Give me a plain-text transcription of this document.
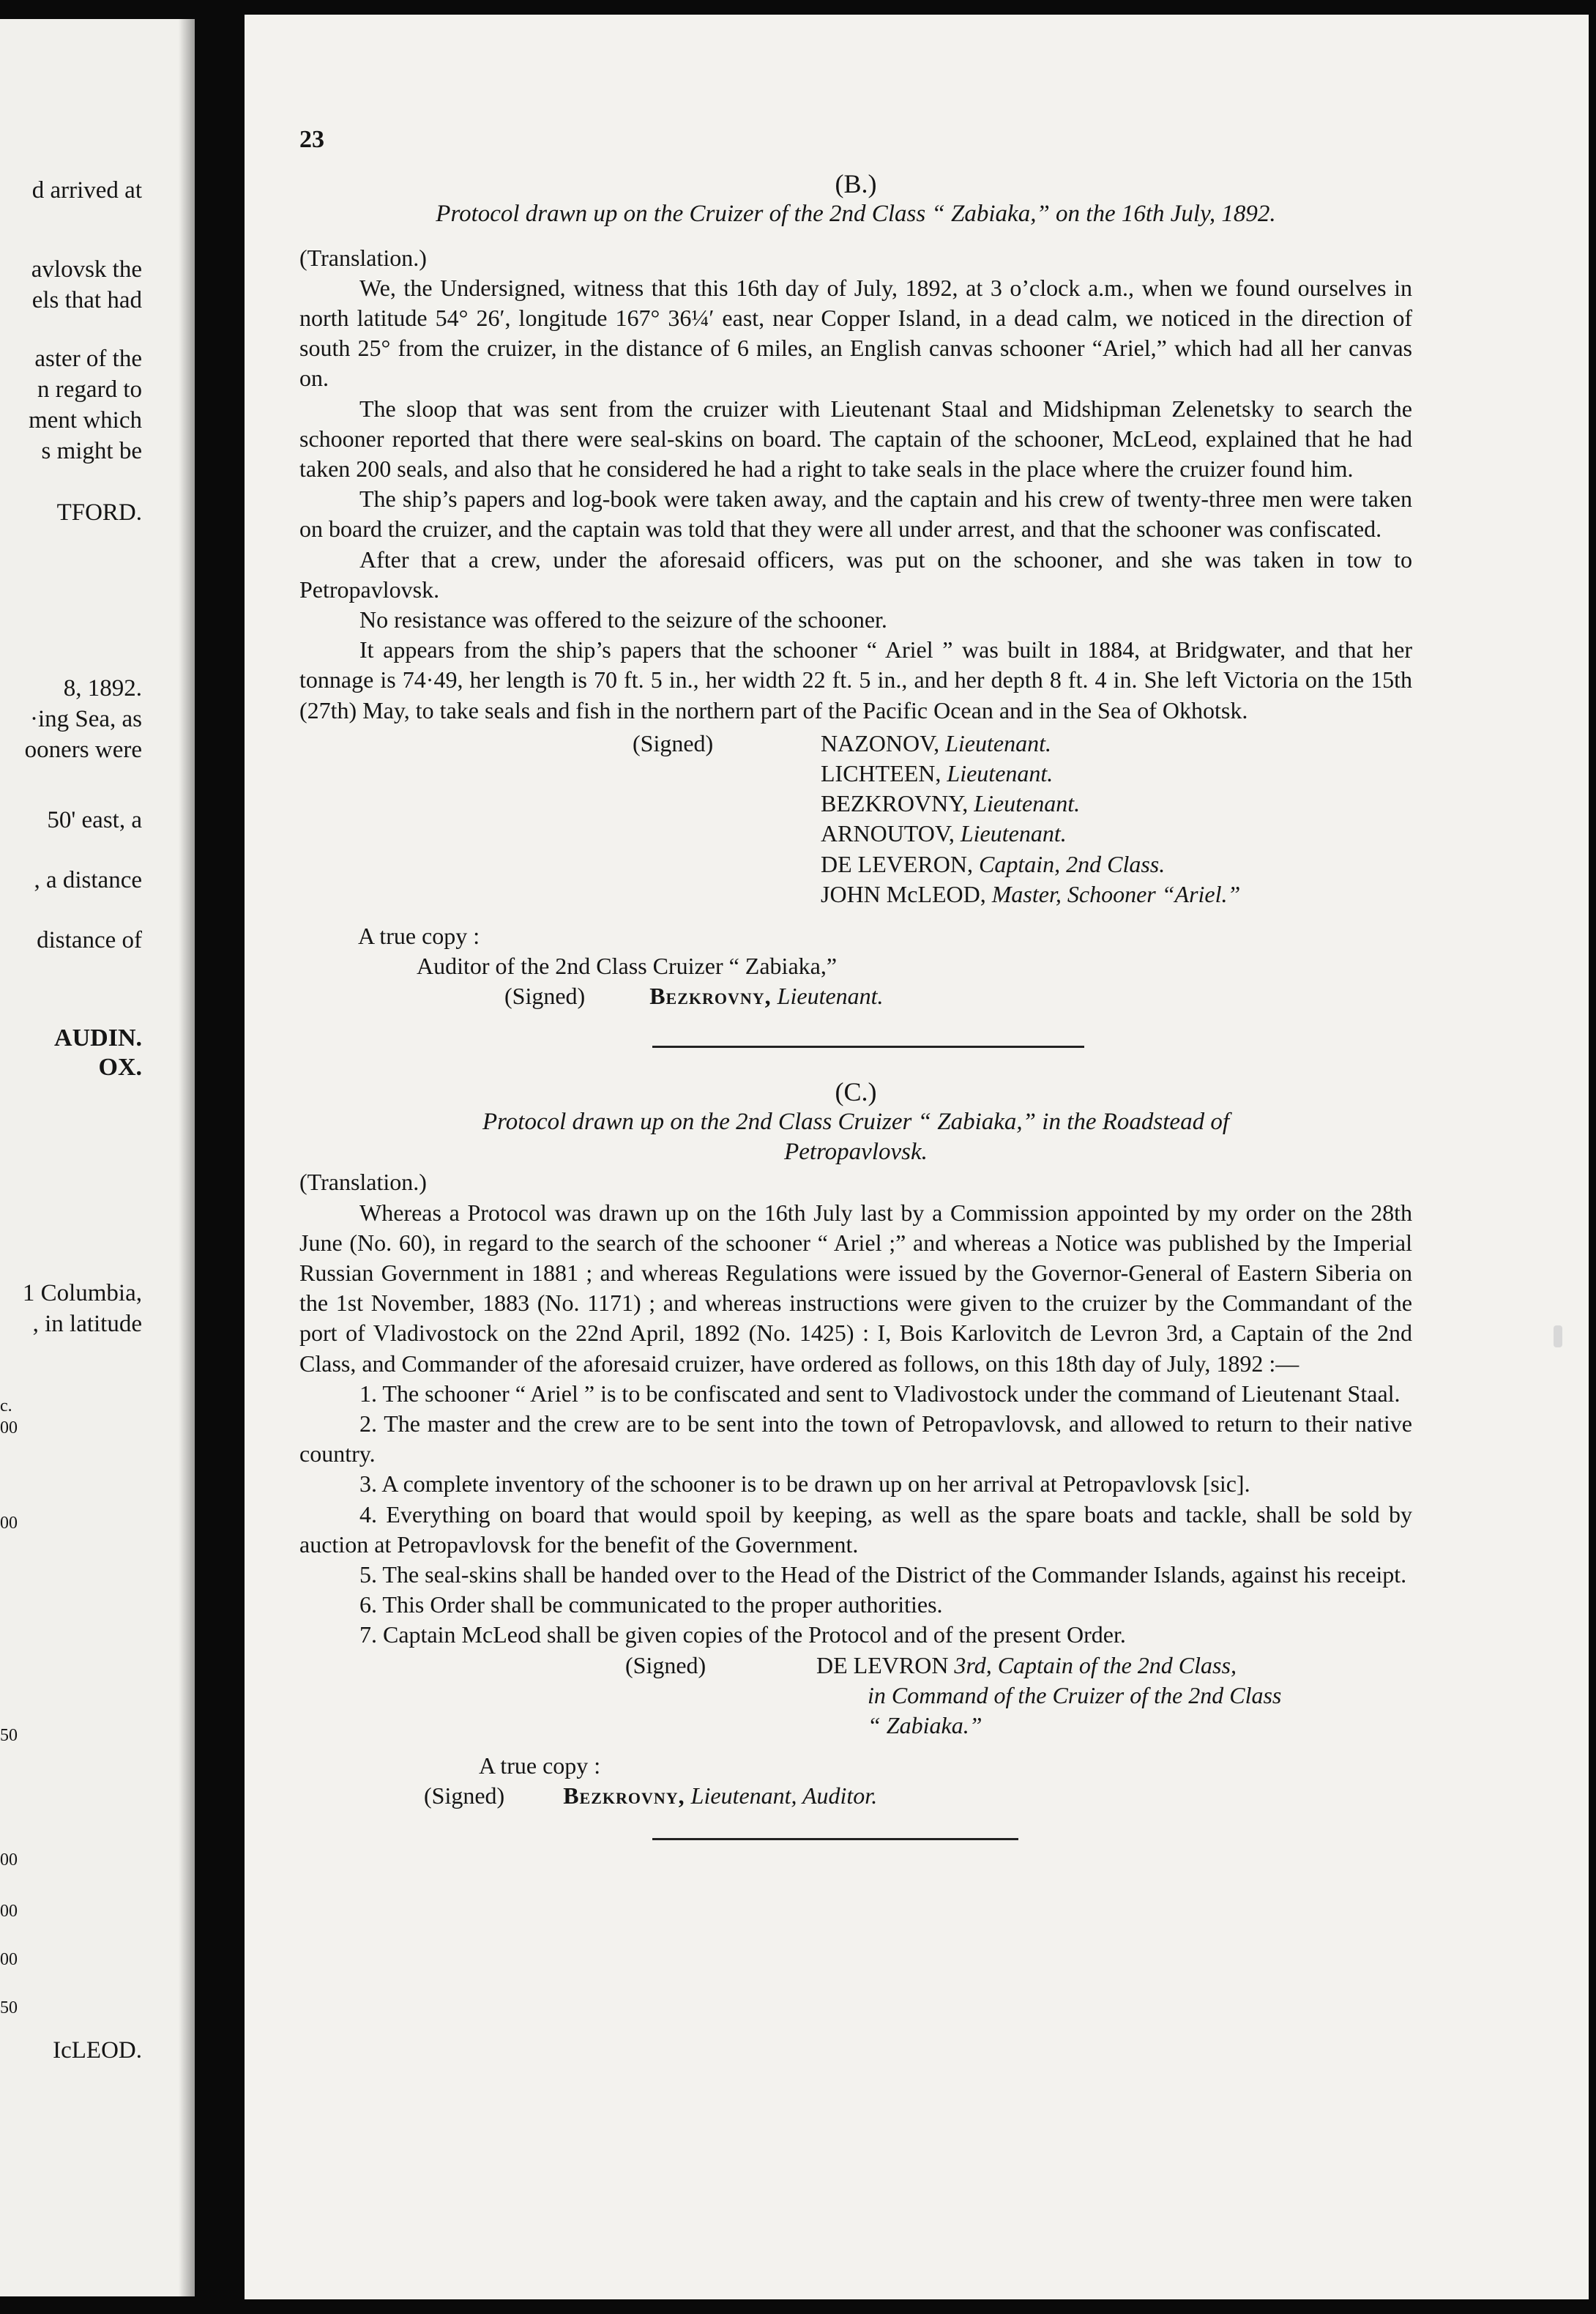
d arrived at
avlovsk the
els that had
aster of the
n regard to
ment which
s might be
TFORD.
8, 1892.
·ing Sea, as
ooners were
50' east, a
, a distance
distance of
AUDIN.
OX.
1 Columbia,
, in latitude
c.
00
00
50
00
00
00
50
IcLEOD.

23

(B.)

Protocol drawn up on the Cruizer of the 2nd Class “ Zabiaka,” on the 16th July, 1892.

(Translation.)

We, the Undersigned, witness that this 16th day of July, 1892, at 3 o’clock a.m., when we found ourselves in north latitude 54° 26′, longitude 167° 36¼′ east, near Copper Island, in a dead calm, we noticed in the direction of south 25° from the cruizer, in the distance of 6 miles, an English canvas schooner “Ariel,” which had all her canvas on.

The sloop that was sent from the cruizer with Lieutenant Staal and Midshipman Zelenetsky to search the schooner reported that there were seal-skins on board. The captain of the schooner, McLeod, explained that he had taken 200 seals, and also that he considered he had a right to take seals in the place where the cruizer found him.

The ship’s papers and log-book were taken away, and the captain and his crew of twenty-three men were taken on board the cruizer, and the captain was told that they were all under arrest, and that the schooner was confiscated.

After that a crew, under the aforesaid officers, was put on the schooner, and she was taken in tow to Petropavlovsk.

No resistance was offered to the seizure of the schooner.

It appears from the ship’s papers that the schooner “ Ariel ” was built in 1884, at Bridgwater, and that her tonnage is 74·49, her length is 70 ft. 5 in., her width 22 ft. 5 in., and her depth 8 ft. 4 in. She left Victoria on the 15th (27th) May, to take seals and fish in the northern part of the Pacific Ocean and in the Sea of Okhotsk.

(Signed)	NAZONOV, Lieutenant.
LICHTEEN, Lieutenant.
BEZKROVNY, Lieutenant.
ARNOUTOV, Lieutenant.
DE LEVERON, Captain, 2nd Class.
JOHN McLEOD, Master, Schooner “Ariel.”

A true copy :

Auditor of the 2nd Class Cruizer “ Zabiaka,”

(Signed)	Bezkrovny, Lieutenant.

(C.)

Protocol drawn up on the 2nd Class Cruizer “ Zabiaka,” in the Roadstead of

Petropavlovsk.

(Translation.)

Whereas a Protocol was drawn up on the 16th July last by a Commission appointed by my order on the 28th June (No. 60), in regard to the search of the schooner “ Ariel ;” and whereas a Notice was published by the Imperial Russian Government in 1881 ; and whereas Regulations were issued by the Governor-General of Eastern Siberia on the 1st November, 1883 (No. 1171) ; and whereas instructions were given to the cruizer by the Commandant of the port of Vladivostock on the 22nd April, 1892 (No. 1425) : I, Bois Karlovitch de Levron 3rd, a Captain of the 2nd Class, and Commander of the aforesaid cruizer, have ordered as follows, on this 18th day of July, 1892 :—

1. The schooner “ Ariel ” is to be confiscated and sent to Vladivostock under the command of Lieutenant Staal.

2. The master and the crew are to be sent into the town of Petropavlovsk, and allowed to return to their native country.

3. A complete inventory of the schooner is to be drawn up on her arrival at Petropavlovsk [sic].

4. Everything on board that would spoil by keeping, as well as the spare boats and tackle, shall be sold by auction at Petropavlovsk for the benefit of the Government.

5. The seal-skins shall be handed over to the Head of the District of the Commander Islands, against his receipt.

6. This Order shall be communicated to the proper authorities.

7. Captain McLeod shall be given copies of the Protocol and of the present Order.

(Signed)	DE LEVRON 3rd, Captain of the 2nd Class,
in Command of the Cruizer of the 2nd Class
“ Zabiaka.”

A true copy :

(Signed)	Bezkrovny, Lieutenant, Auditor.
